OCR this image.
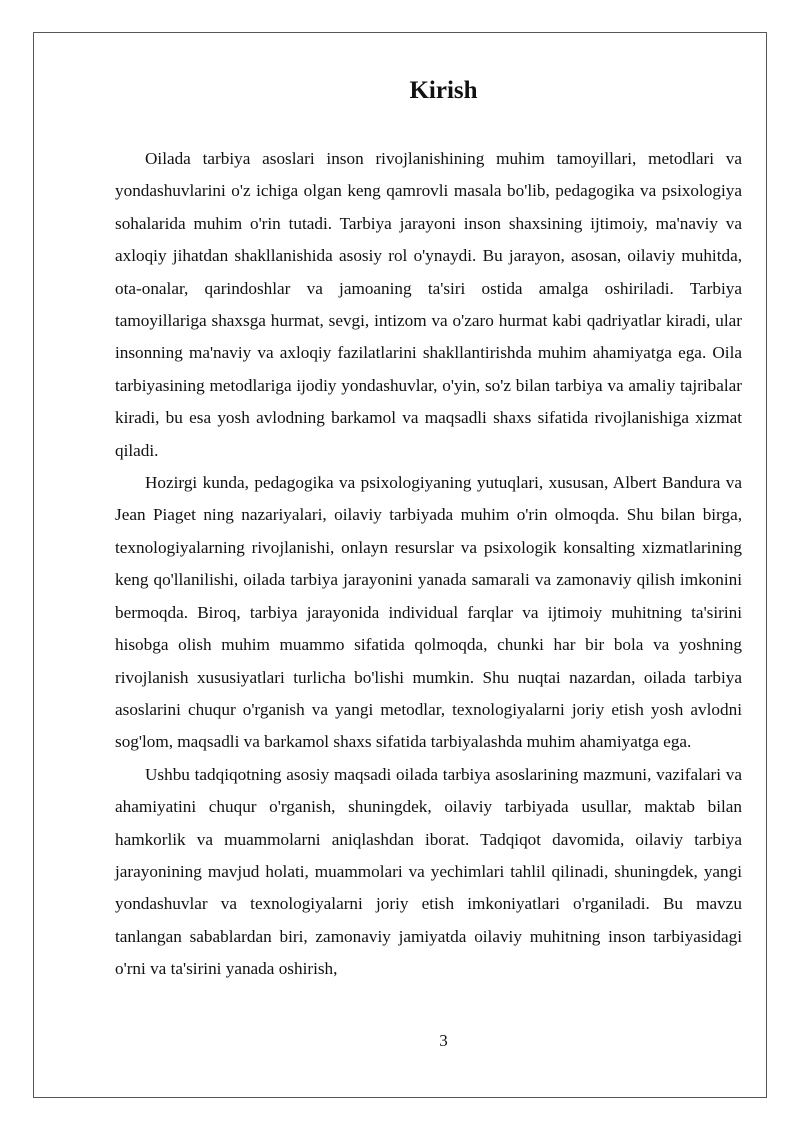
Kirish

Oilada tarbiya asoslari inson rivojlanishining muhim tamoyillari, metodlari va yondashuvlarini o'z ichiga olgan keng qamrovli masala bo'lib, pedagogika va psixologiya sohalarida muhim o'rin tutadi. Tarbiya jarayoni inson shaxsining ijtimoiy, ma'naviy va axloqiy jihatdan shakllanishida asosiy rol o'ynaydi. Bu jarayon, asosan, oilaviy muhitda, ota-onalar, qarindoshlar va jamoaning ta'siri ostida amalga oshiriladi. Tarbiya tamoyillariga shaxsga hurmat, sevgi, intizom va o'zaro hurmat kabi qadriyatlar kiradi, ular insonning ma'naviy va axloqiy fazilatlarini shakllantirishda muhim ahamiyatga ega. Oila tarbiyasining metodlariga ijodiy yondashuvlar, o'yin, so'z bilan tarbiya va amaliy tajribalar kiradi, bu esa yosh avlodning barkamol va maqsadli shaxs sifatida rivojlanishiga xizmat qiladi.

Hozirgi kunda, pedagogika va psixologiyaning yutuqlari, xususan, Albert Bandura va Jean Piaget ning nazariyalari, oilaviy tarbiyada muhim o'rin olmoqda. Shu bilan birga, texnologiyalarning rivojlanishi, onlayn resurslar va psixologik konsalting xizmatlarining keng qo'llanilishi, oilada tarbiya jarayonini yanada samarali va zamonaviy qilish imkonini bermoqda. Biroq, tarbiya jarayonida individual farqlar va ijtimoiy muhitning ta'sirini hisobga olish muhim muammo sifatida qolmoqda, chunki har bir bola va yoshning rivojlanish xususiyatlari turlicha bo'lishi mumkin. Shu nuqtai nazardan, oilada tarbiya asoslarini chuqur o'rganish va yangi metodlar, texnologiyalarni joriy etish yosh avlodni sog'lom, maqsadli va barkamol shaxs sifatida tarbiyalashda muhim ahamiyatga ega.

Ushbu tadqiqotning asosiy maqsadi oilada tarbiya asoslarining mazmuni, vazifalari va ahamiyatini chuqur o'rganish, shuningdek, oilaviy tarbiyada usullar, maktab bilan hamkorlik va muammolarni aniqlashdan iborat. Tadqiqot davomida, oilaviy tarbiya jarayonining mavjud holati, muammolari va yechimlari tahlil qilinadi, shuningdek, yangi yondashuvlar va texnologiyalarni joriy etish imkoniyatlari o'rganiladi. Bu mavzu tanlangan sabablardan biri, zamonaviy jamiyatda oilaviy muhitning inson tarbiyasidagi o'rni va ta'sirini yanada oshirish,

3
